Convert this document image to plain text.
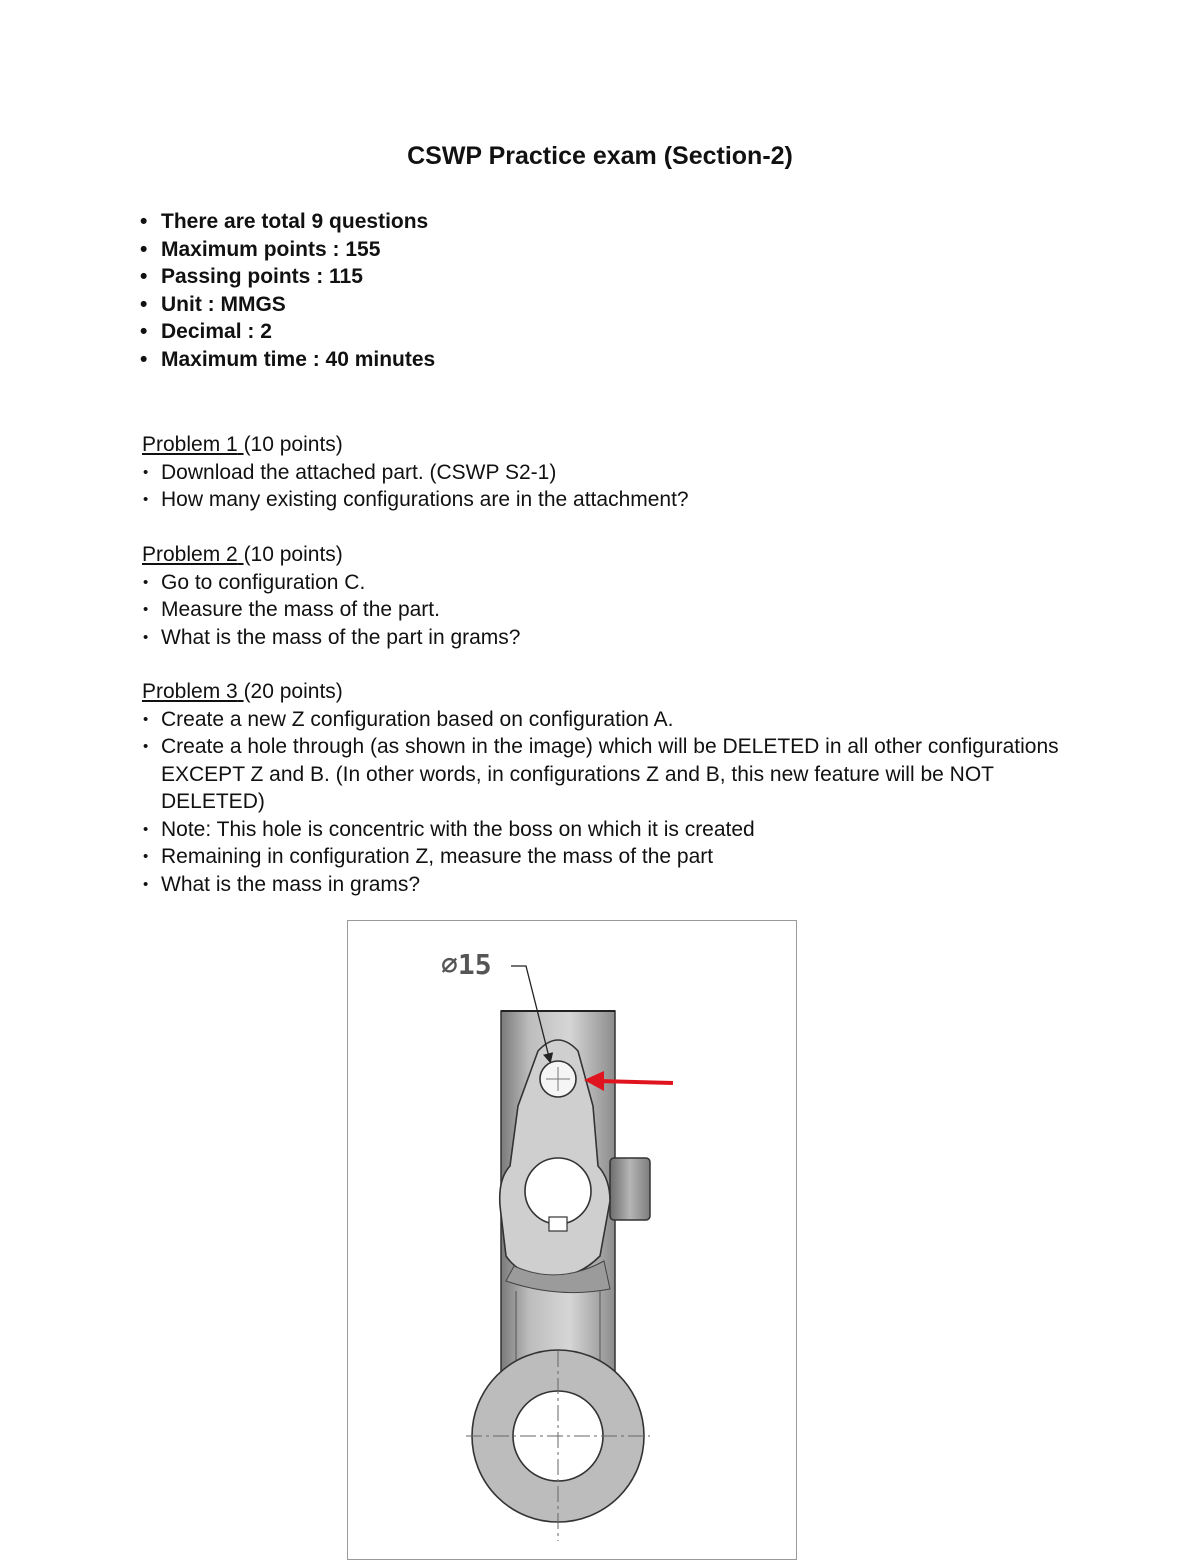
CSWP Practice exam (Section-2)
• There are total 9 questions
• Maximum points : 155
• Passing points : 115
• Unit : MMGS
• Decimal : 2
• Maximum time : 40 minutes
Problem 1 (10 points)
• Download the attached part. (CSWP S2-1)
• How many existing configurations are in the attachment?
Problem 2 (10 points)
• Go to configuration C.
• Measure the mass of the part.
• What is the mass of the part in grams?
Problem 3 (20 points)
• Create a new Z configuration based on configuration A.
• Create a hole through (as shown in the image) which will be DELETED in all other configurations EXCEPT Z and B. (In other words, in configurations Z and B, this new feature will be NOT DELETED)
• Note: This hole is concentric with the boss on which it is created
• Remaining in configuration Z, measure the mass of the part
• What is the mass in grams?
∅15
